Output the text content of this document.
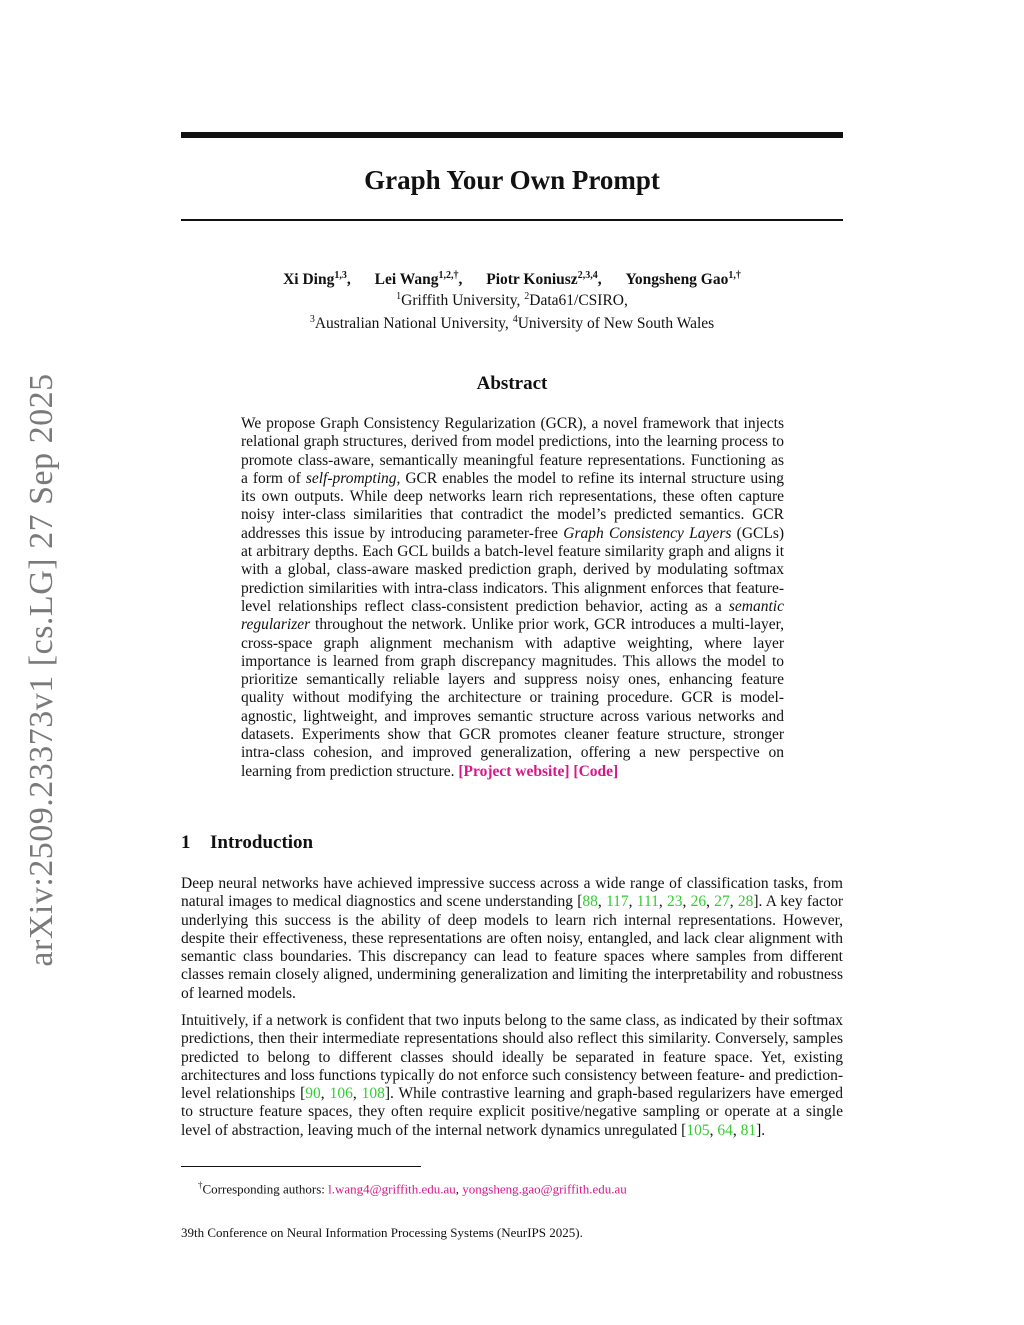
arXiv:2509.23373v1 [cs.LG] 27 Sep 2025
Graph Your Own Prompt
Xi Ding$^{1,3}$, Lei Wang$^{1,2,\dagger}$, Piotr Koniusz$^{2,3,4}$, Yongsheng Gao$^{1,\dagger}$
$^1$Griffith University, $^2$Data61/CSIRO,
$^3$Australian National University, $^4$University of New South Wales
Abstract
We propose Graph Consistency Regularization (GCR), a novel framework that injects relational graph structures, derived from model predictions, into the learning process to promote class-aware, semantically meaningful feature representations. Functioning as a form of self-prompting, GCR enables the model to refine its internal structure using its own outputs. While deep networks learn rich representations, these often capture noisy inter-class similarities that contradict the model’s predicted semantics. GCR addresses this issue by introducing parameter-free Graph Consistency Layers (GCLs) at arbitrary depths. Each GCL builds a batch-level feature similarity graph and aligns it with a global, class-aware masked prediction graph, derived by modulating softmax prediction similarities with intra-class indicators. This alignment enforces that feature-level relationships reflect class-consistent prediction behavior, acting as a semantic regularizer throughout the network. Unlike prior work, GCR introduces a multi-layer, cross-space graph alignment mechanism with adaptive weighting, where layer importance is learned from graph discrepancy magnitudes. This allows the model to prioritize semantically reliable layers and suppress noisy ones, enhancing feature quality without modifying the architecture or training procedure. GCR is model-agnostic, lightweight, and improves semantic structure across various networks and datasets. Experiments show that GCR promotes cleaner feature structure, stronger intra-class cohesion, and improved generalization, offering a new perspective on learning from prediction structure. [Project website] [Code]
1 Introduction
Deep neural networks have achieved impressive success across a wide range of classification tasks, from natural images to medical diagnostics and scene understanding [88, 117, 111, 23, 26, 27, 28]. A key factor underlying this success is the ability of deep models to learn rich internal representations. However, despite their effectiveness, these representations are often noisy, entangled, and lack clear alignment with semantic class boundaries. This discrepancy can lead to feature spaces where samples from different classes remain closely aligned, undermining generalization and limiting the interpretability and robustness of learned models.
Intuitively, if a network is confident that two inputs belong to the same class, as indicated by their softmax predictions, then their intermediate representations should also reflect this similarity. Conversely, samples predicted to belong to different classes should ideally be separated in feature space. Yet, existing architectures and loss functions typically do not enforce such consistency between feature- and prediction-level relationships [90, 106, 108]. While contrastive learning and graph-based regularizers have emerged to structure feature spaces, they often require explicit positive/negative sampling or operate at a single level of abstraction, leaving much of the internal network dynamics unregulated [105, 64, 81].
†Corresponding authors: l.wang4@griffith.edu.au, yongsheng.gao@griffith.edu.au
39th Conference on Neural Information Processing Systems (NeurIPS 2025).
